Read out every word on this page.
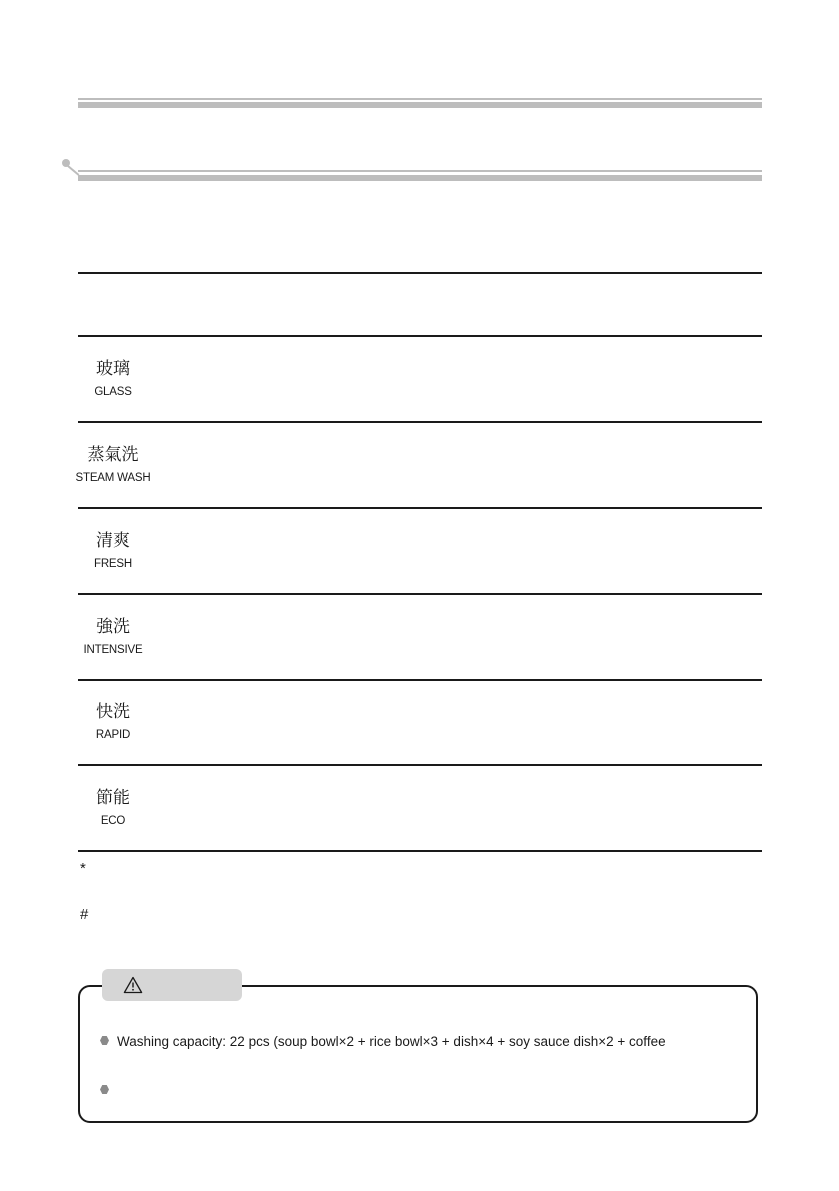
玻璃
GLASS
蒸氣洗
STEAM WASH
清爽
FRESH
強洗
INTENSIVE
快洗
RAPID
節能
ECO
*
#
Washing capacity: 22 pcs (soup bowl×2 + rice bowl×3 + dish×4 + soy sauce dish×2 + coffee
